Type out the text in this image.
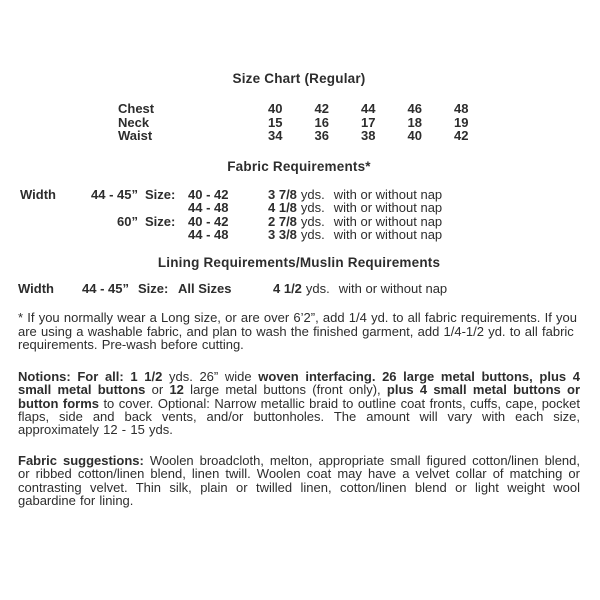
Size Chart (Regular)
Chest	40	42	44	46	48
Neck	15	16	17	18	19
Waist	34	36	38	40	42
Fabric Requirements*
Width	44 - 45” Size: 40 - 42	3 7/8 yds. with or without nap
44 - 48	4 1/8 yds. with or without nap
60” Size: 40 - 42	2 7/8 yds. with or without nap
44 - 48	3 3/8 yds. with or without nap
Lining Requirements/Muslin Requirements
Width	44 - 45” Size: All Sizes	4 1/2 yds. with or without nap
* If you normally wear a Long size, or are over 6’2”, add 1/4 yd. to all fabric requirements. If you are using a washable fabric, and plan to wash the finished garment, add 1/4-1/2 yd. to all fabric requirements. Pre-wash before cutting.
Notions: For all: 1 1/2 yds. 26” wide woven interfacing. 26 large metal buttons, plus 4 small metal buttons or 12 large metal buttons (front only), plus 4 small metal buttons or button forms to cover. Optional: Narrow metallic braid to outline coat fronts, cuffs, cape, pocket flaps, side and back vents, and/or buttonholes. The amount will vary with each size, approximately 12 - 15 yds.
Fabric suggestions: Woolen broadcloth, melton, appropriate small figured cotton/linen blend, or ribbed cotton/linen blend, linen twill. Woolen coat may have a velvet collar of matching or contrasting velvet. Thin silk, plain or twilled linen, cotton/linen blend or light weight wool gabardine for lining.
